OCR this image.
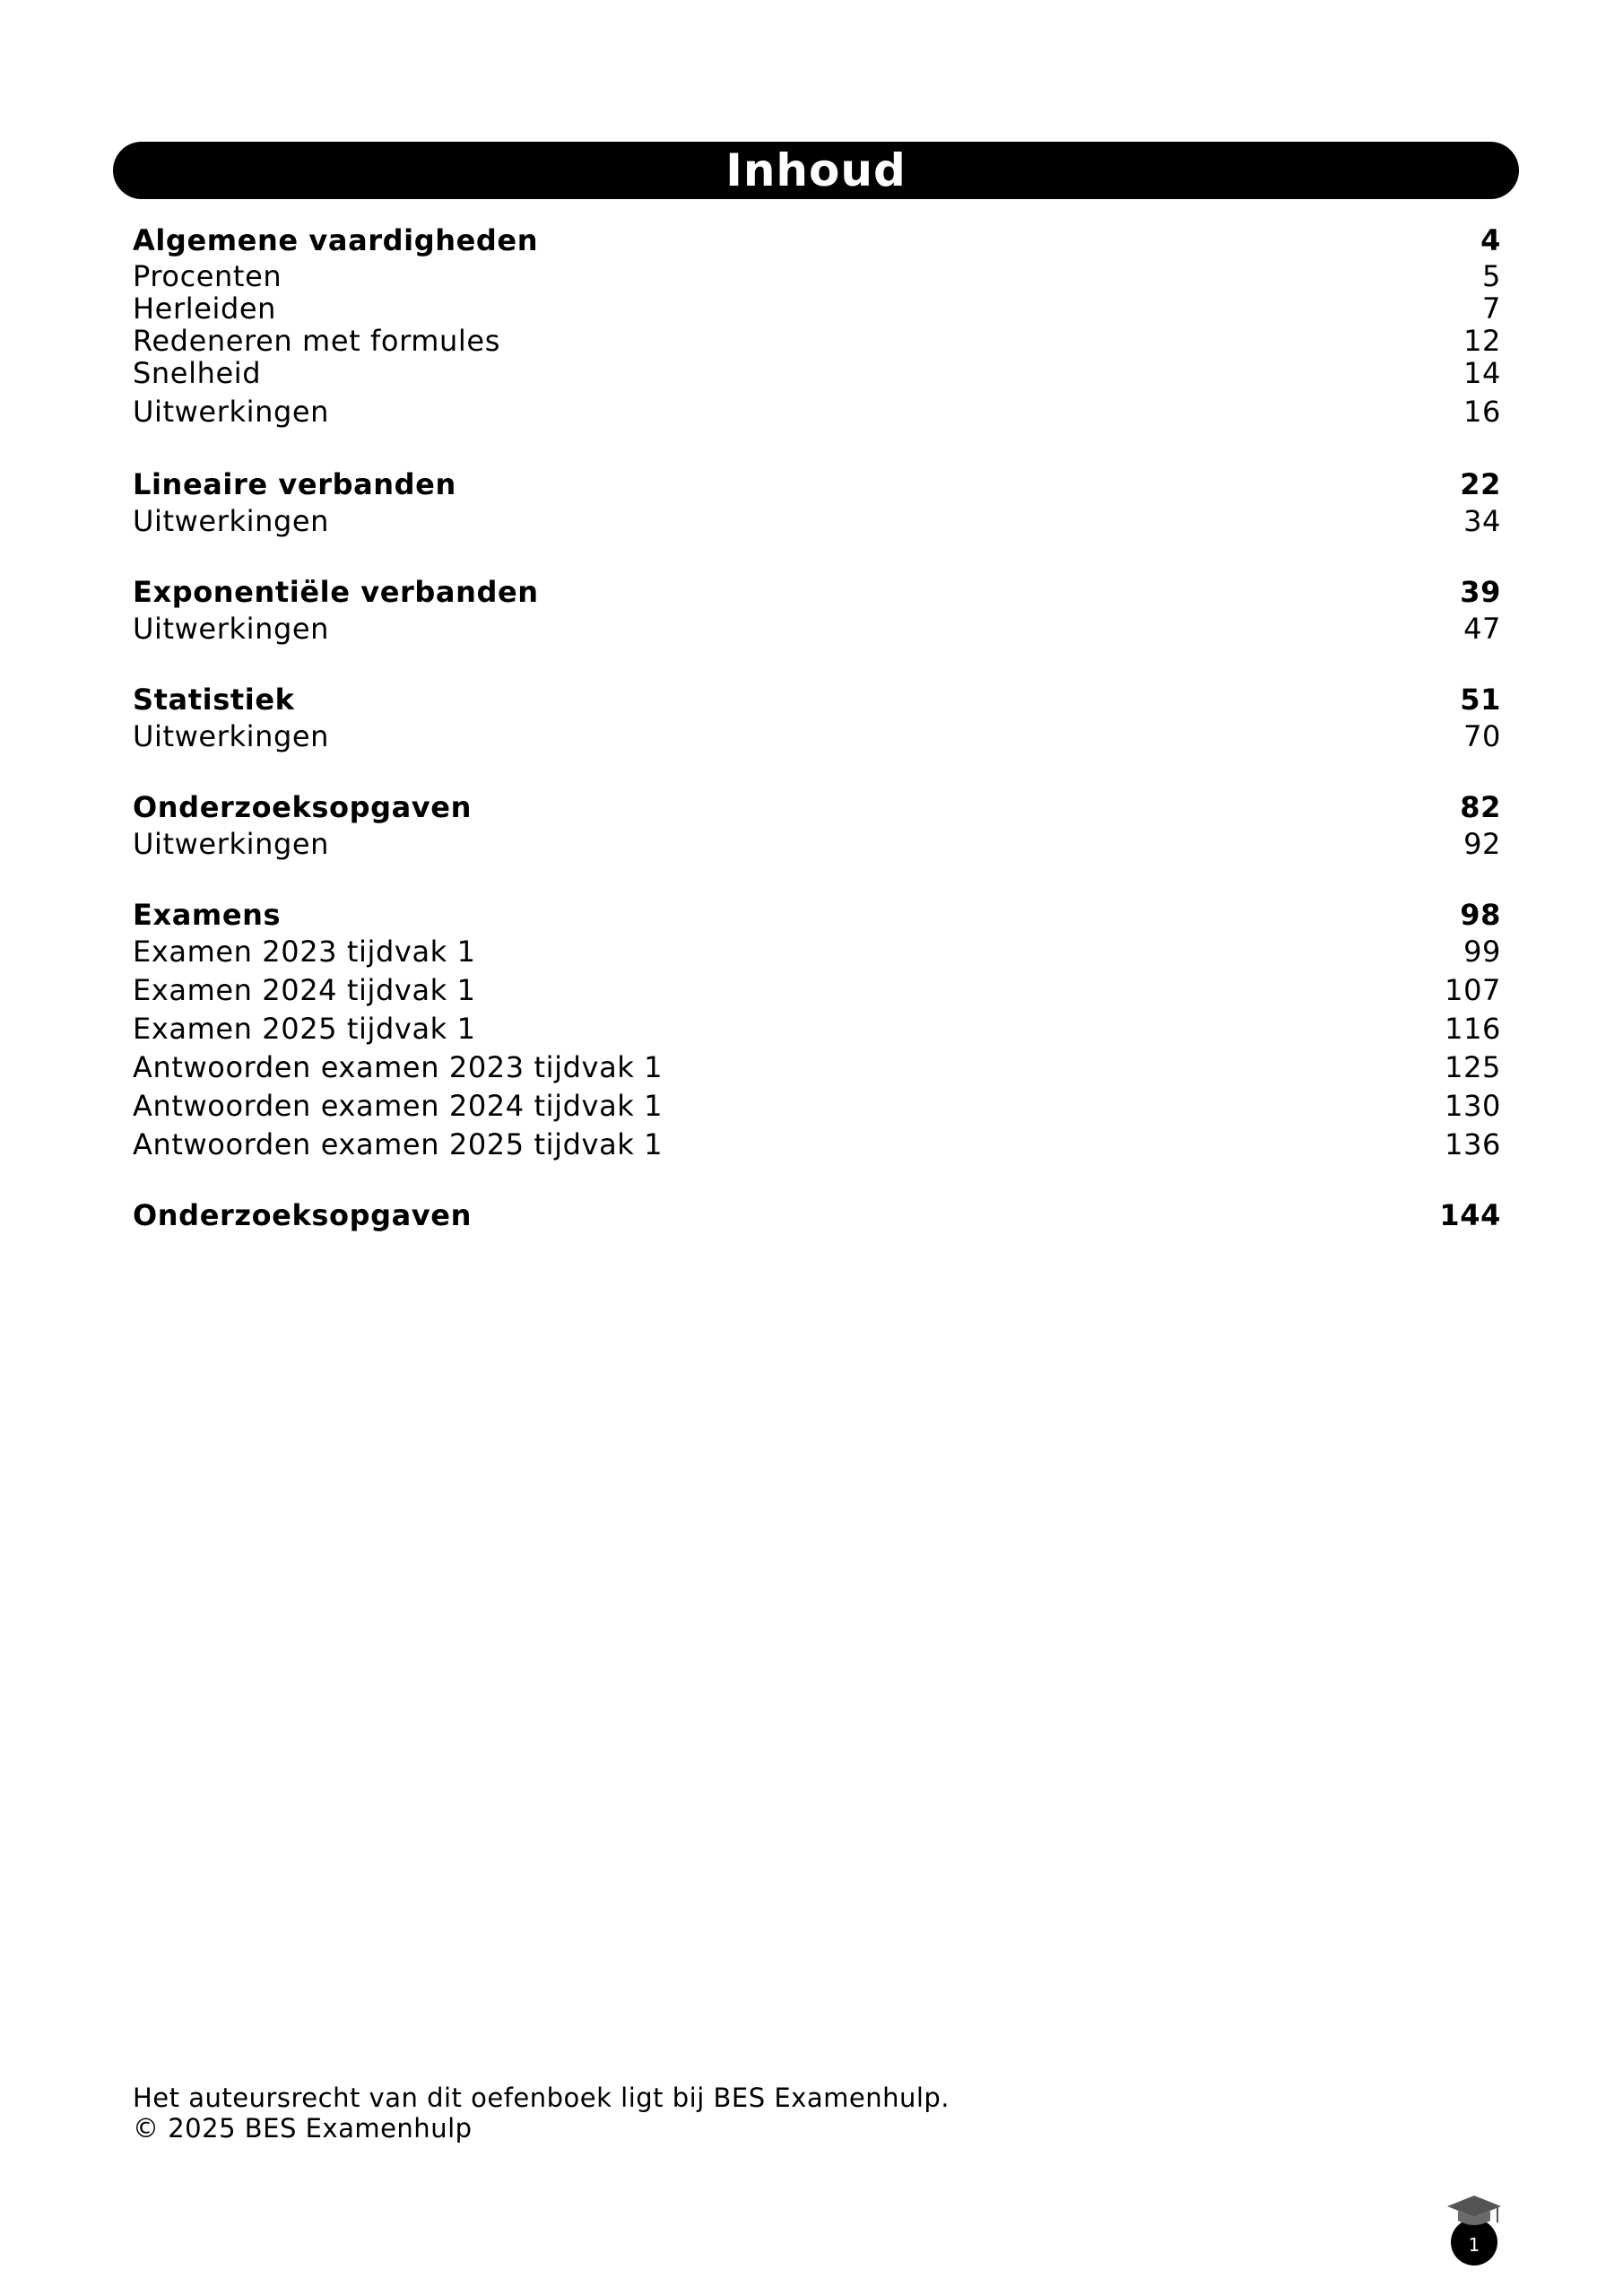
Inhoud
Algemene vaardigheden	4
Procenten	5
Herleiden	7
Redeneren met formules	12
Snelheid	14
Uitwerkingen	16
Lineaire verbanden	22
Uitwerkingen	34
Exponentiële verbanden	39
Uitwerkingen	47
Statistiek	51
Uitwerkingen	70
Onderzoeksopgaven	82
Uitwerkingen	92
Examens	98
Examen 2023 tijdvak 1	99
Examen 2024 tijdvak 1	107
Examen 2025 tijdvak 1	116
Antwoorden examen 2023 tijdvak 1	125
Antwoorden examen 2024 tijdvak 1	130
Antwoorden examen 2025 tijdvak 1	136
Onderzoeksopgaven	144
Het auteursrecht van dit oefenboek ligt bij BES Examenhulp.
© 2025 BES Examenhulp
1
